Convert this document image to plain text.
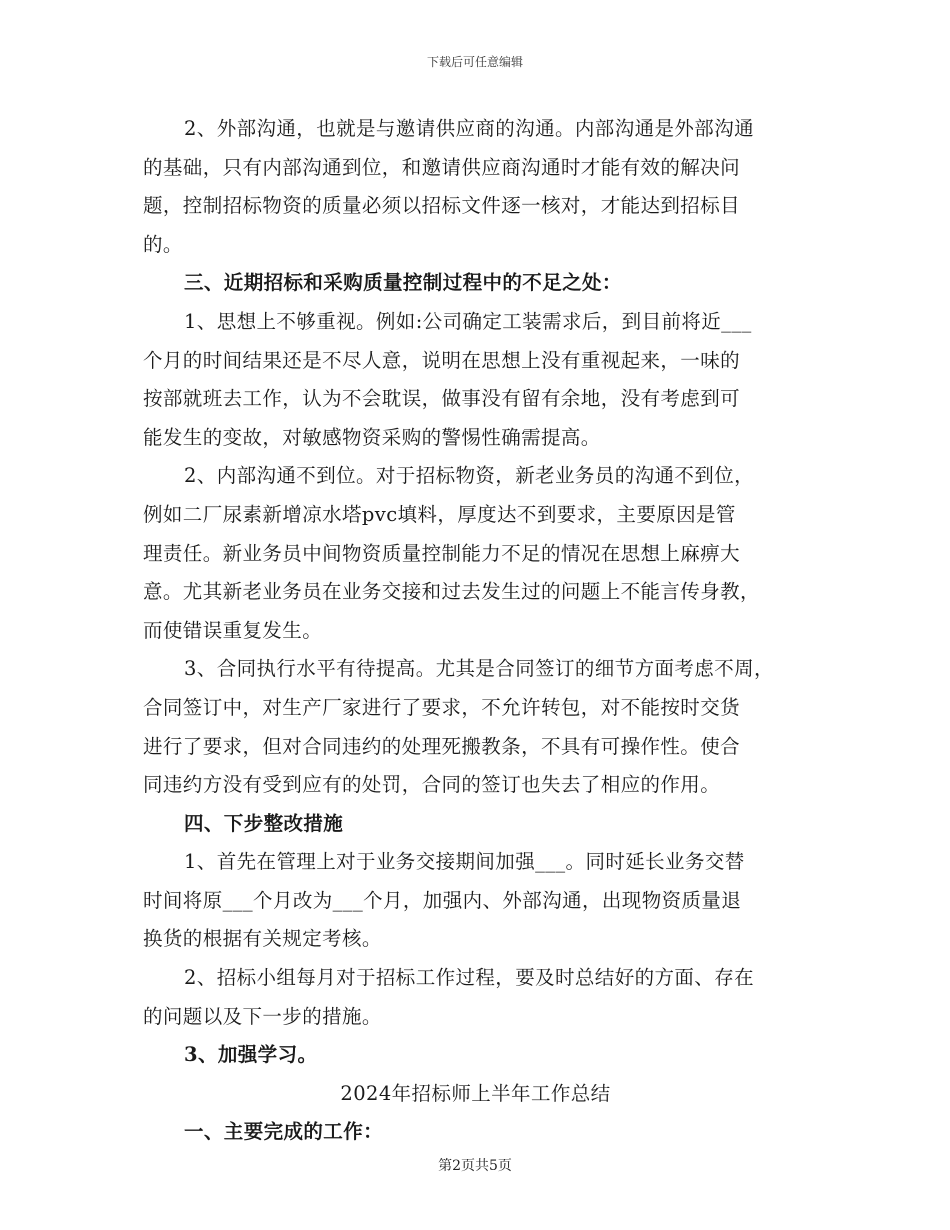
下载后可任意编辑
2、外部沟通，也就是与邀请供应商的沟通。内部沟通是外部沟通
的基础，只有内部沟通到位，和邀请供应商沟通时才能有效的解决问
题，控制招标物资的质量必须以招标文件逐一核对，才能达到招标目
的。
三、近期招标和采购质量控制过程中的不足之处：
1、思想上不够重视。例如:公司确定工装需求后，到目前将近___
个月的时间结果还是不尽人意，说明在思想上没有重视起来，一味的
按部就班去工作，认为不会耽误，做事没有留有余地，没有考虑到可
能发生的变故，对敏感物资采购的警惕性确需提高。
2、内部沟通不到位。对于招标物资，新老业务员的沟通不到位，
例如二厂尿素新增凉水塔pvc填料，厚度达不到要求，主要原因是管
理责任。新业务员中间物资质量控制能力不足的情况在思想上麻痹大
意。尤其新老业务员在业务交接和过去发生过的问题上不能言传身教，
而使错误重复发生。
3、合同执行水平有待提高。尤其是合同签订的细节方面考虑不周，
合同签订中，对生产厂家进行了要求，不允许转包，对不能按时交货
进行了要求，但对合同违约的处理死搬教条，不具有可操作性。使合
同违约方没有受到应有的处罚，合同的签订也失去了相应的作用。
四、下步整改措施
1、首先在管理上对于业务交接期间加强___。同时延长业务交替
时间将原___个月改为___个月，加强内、外部沟通，出现物资质量退
换货的根据有关规定考核。
2、招标小组每月对于招标工作过程，要及时总结好的方面、存在
的问题以及下一步的措施。
3、加强学习。
2024年招标师上半年工作总结
一、主要完成的工作：
第2页共5页
